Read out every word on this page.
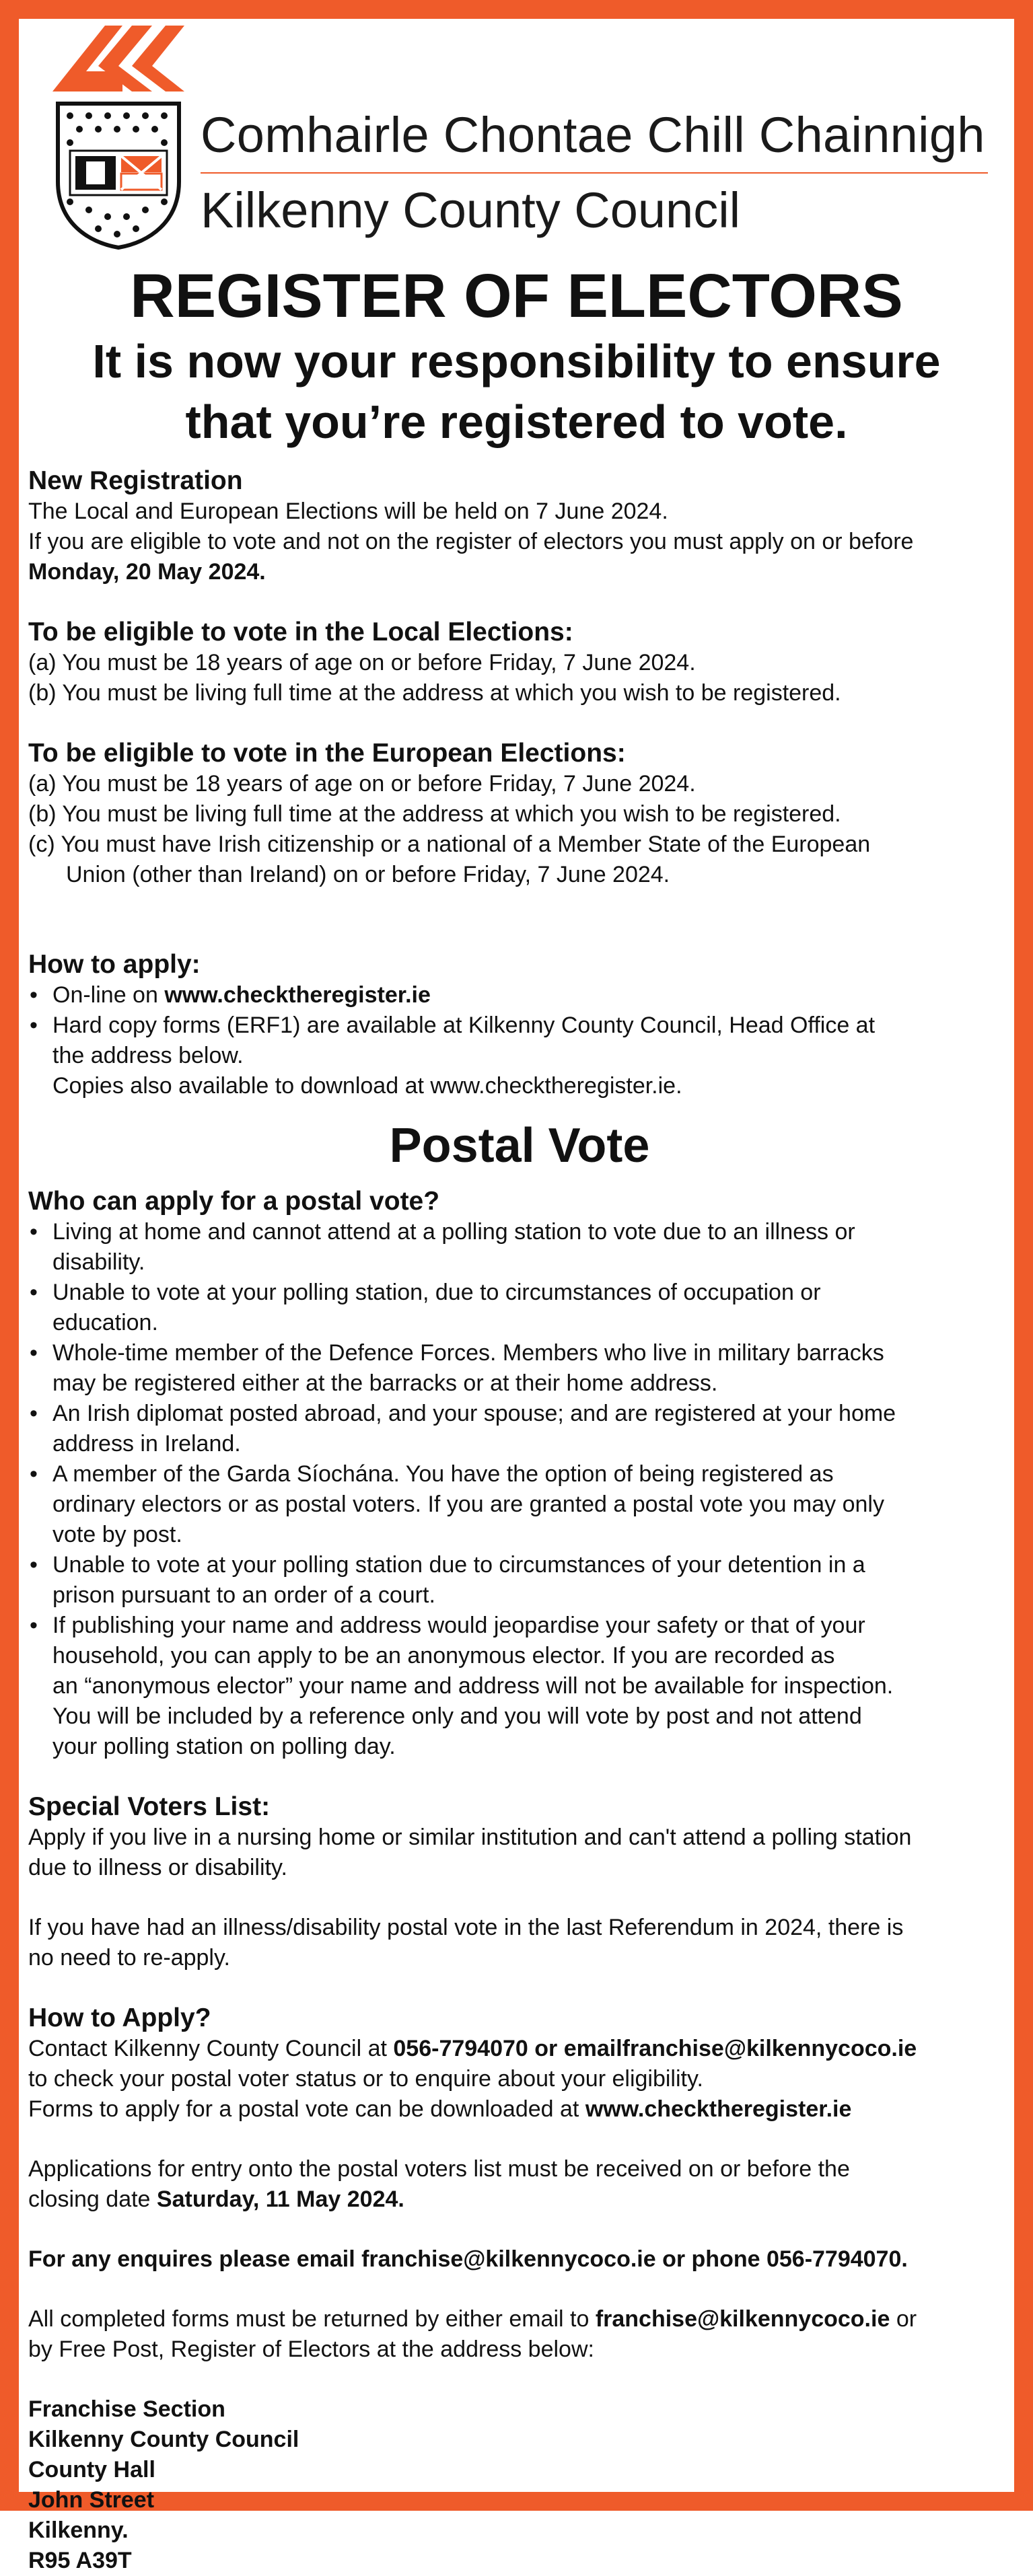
Comhairle Chontae Chill Chainnigh
Kilkenny County Council
REGISTER OF ELECTORS
It is now your responsibility to ensure
that you’re registered to vote.

New Registration

The Local and European Elections will be held on 7 June 2024.

If you are eligible to vote and not on the register of electors you must apply on or before

Monday, 20 May 2024.

To be eligible to vote in the Local Elections:

(a) You must be 18 years of age on or before Friday, 7 June 2024.

(b) You must be living full time at the address at which you wish to be registered.

To be eligible to vote in the European Elections:

(a) You must be 18 years of age on or before Friday, 7 June 2024.

(b) You must be living full time at the address at which you wish to be registered.

(c) You must have Irish citizenship or a national of a Member State of the European

Union (other than Ireland) on or before Friday, 7 June 2024.

How to apply:

• On-line on www.checktheregister.ie
• Hard copy forms (ERF1) are available at Kilkenny County Council, Head Office at

the address below.

Copies also available to download at www.checktheregister.ie.

Postal Vote

Who can apply for a postal vote?

• Living at home and cannot attend at a polling station to vote due to an illness or

disability.

• Unable to vote at your polling station, due to circumstances of occupation or

education.

• Whole-time member of the Defence Forces. Members who live in military barracks

may be registered either at the barracks or at their home address.

• An Irish diplomat posted abroad, and your spouse; and are registered at your home

address in Ireland.

• A member of the Garda Síochána. You have the option of being registered as

ordinary electors or as postal voters. If you are granted a postal vote you may only

vote by post.

• Unable to vote at your polling station due to circumstances of your detention in a

prison pursuant to an order of a court.

• If publishing your name and address would jeopardise your safety or that of your

household, you can apply to be an anonymous elector. If you are recorded as

an “anonymous elector” your name and address will not be available for inspection.

You will be included by a reference only and you will vote by post and not attend

your polling station on polling day.

Special Voters List:

Apply if you live in a nursing home or similar institution and can't attend a polling station

due to illness or disability.

If you have had an illness/disability postal vote in the last Referendum in 2024, there is

no need to re-apply.

How to Apply?

Contact Kilkenny County Council at 056-7794070 or emailfranchise@kilkennycoco.ie

to check your postal voter status or to enquire about your eligibility.

Forms to apply for a postal vote can be downloaded at www.checktheregister.ie

Applications for entry onto the postal voters list must be received on or before the

closing date Saturday, 11 May 2024.

For any enquires please email franchise@kilkennycoco.ie or phone 056-7794070.

All completed forms must be returned by either email to franchise@kilkennycoco.ie or

by Free Post, Register of Electors at the address below:

Franchise Section

Kilkenny County Council

County Hall

John Street

Kilkenny.

R95 A39T
